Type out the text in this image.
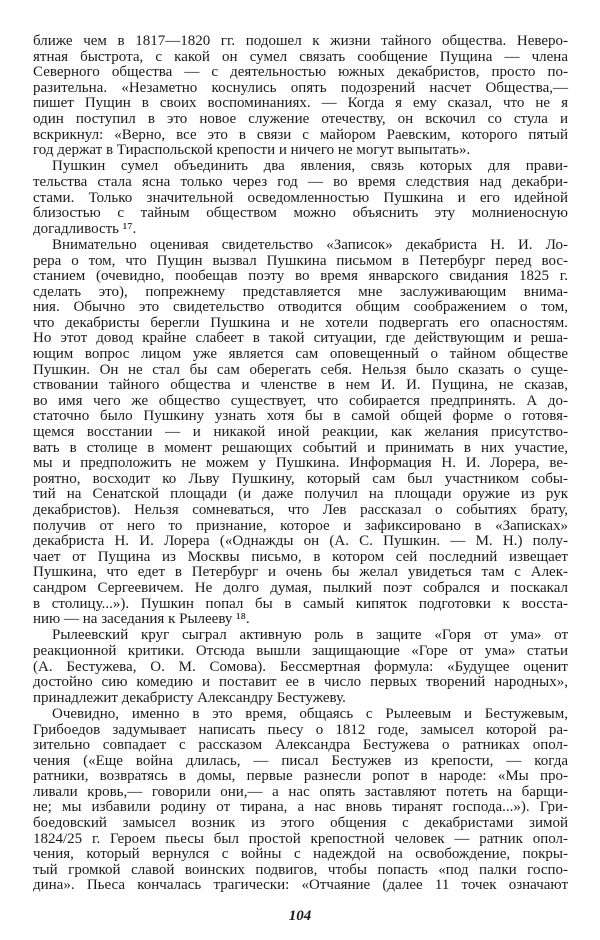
ближе чем в 1817—1820 гг. подошел к жизни тайного общества. Неверо-
ятная быстрота, с какой он сумел связать сообщение Пущина — члена
Северного общества — с деятельностью южных декабристов, просто по-
разительна. «Незаметно коснулись опять подозрений насчет Общества,—
пишет Пущин в своих воспоминаниях. — Когда я ему сказал, что не я
один поступил в это новое служение отечеству, он вскочил со стула и
вскрикнул: «Верно, все это в связи с майором Раевским, которого пятый
год держат в Тираспольской крепости и ничего не могут выпытать».
Пушкин сумел объединить два явления, связь которых для прави-
тельства стала ясна только через год — во время следствия над декабри-
стами. Только значительной осведомленностью Пушкина и его идейной
близостью с тайным обществом можно объяснить эту молниеносную
догадливость ¹⁷.
Внимательно оценивая свидетельство «Записок» декабриста Н. И. Ло-
рера о том, что Пущин вызвал Пушкина письмом в Петербург перед вос-
станием (очевидно, пообещав поэту во время январского свидания 1825 г.
сделать это), попрежнему представляется мне заслуживающим внима-
ния. Обычно это свидетельство отводится общим соображением о том,
что декабристы берегли Пушкина и не хотели подвергать его опасностям.
Но этот довод крайне слабеет в такой ситуации, где действующим и реша-
ющим вопрос лицом уже является сам оповещенный о тайном обществе
Пушкин. Он не стал бы сам оберегать себя. Нельзя было сказать о суще-
ствовании тайного общества и членстве в нем И. И. Пущина, не сказав,
во имя чего же общество существует, что собирается предпринять. А до-
статочно было Пушкину узнать хотя бы в самой общей форме о готовя-
щемся восстании — и никакой иной реакции, как желания присутство-
вать в столице в момент решающих событий и принимать в них участие,
мы и предположить не можем у Пушкина. Информация Н. И. Лорера, ве-
роятно, восходит ко Льву Пушкину, который сам был участником собы-
тий на Сенатской площади (и даже получил на площади оружие из рук
декабристов). Нельзя сомневаться, что Лев рассказал о событиях брату,
получив от него то признание, которое и зафиксировано в «Записках»
декабриста Н. И. Лорера («Однажды он (А. С. Пушкин. — М. Н.) полу-
чает от Пущина из Москвы письмо, в котором сей последний извещает
Пушкина, что едет в Петербург и очень бы желал увидеться там с Алек-
сандром Сергеевичем. Не долго думая, пылкий поэт собрался и поскакал
в столицу...»). Пушкин попал бы в самый кипяток подготовки к восста-
нию — на заседания к Рылееву ¹⁸.
Рылеевский круг сыграл активную роль в защите «Горя от ума» от
реакционной критики. Отсюда вышли защищающие «Горе от ума» статьи
(А. Бестужева, О. М. Сомова). Бессмертная формула: «Будущее оценит
достойно сию комедию и поставит ее в число первых творений народных»,
принадлежит декабристу Александру Бестужеву.
Очевидно, именно в это время, общаясь с Рылеевым и Бестужевым,
Грибоедов задумывает написать пьесу о 1812 годе, замысел которой ра-
зительно совпадает с рассказом Александра Бестужева о ратниках опол-
чения («Еще война длилась, — писал Бестужев из крепости, — когда
ратники, возвратясь в домы, первые разнесли ропот в народе: «Мы про-
ливали кровь,— говорили они,— а нас опять заставляют потеть на барщи-
не; мы избавили родину от тирана, а нас вновь тиранят господа...»). Гри-
боедовский замысел возник из этого общения с декабристами зимой
1824/25 г. Героем пьесы был простой крепостной человек — ратник опол-
чения, который вернулся с войны с надеждой на освобождение, покры-
тый громкой славой воинских подвигов, чтобы попасть «под палки госпо-
дина». Пьеса кончалась трагически: «Отчаяние (далее 11 точек означают
104
